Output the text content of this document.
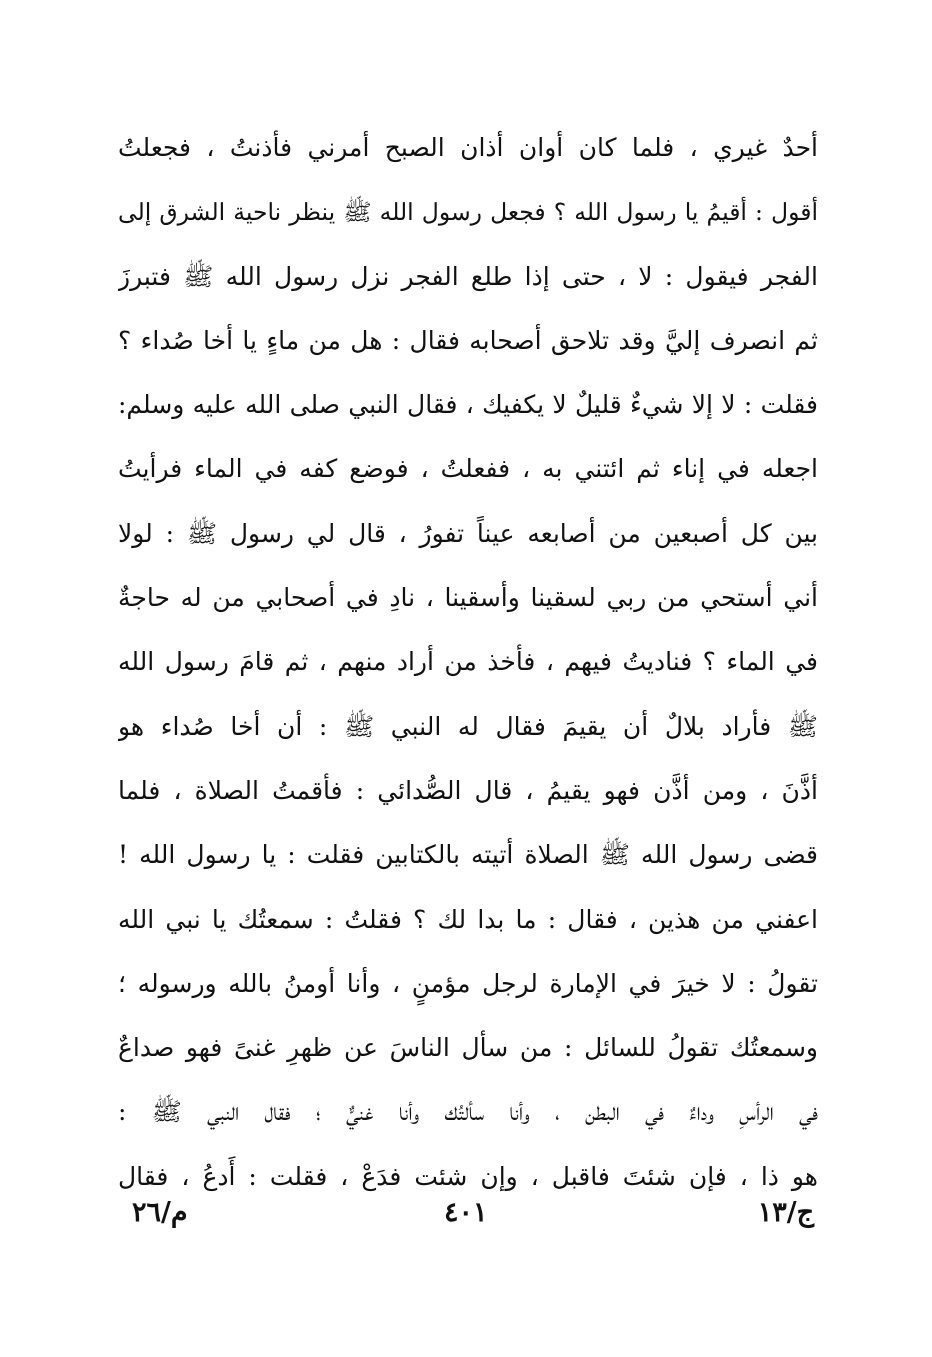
أحدٌ غيري ، فلما كان أوان أذان الصبح أمرني فأذنتُ ، فجعلتُ
أقول : أقيمُ يا رسول الله ؟ فجعل رسول الله ﷺ ينظر ناحية الشرق إلى
الفجر فيقول : لا ، حتى إذا طلع الفجر نزل رسول الله ﷺ فتبرزَ
ثم انصرف إليَّ وقد تلاحق أصحابه فقال : هل من ماءٍ يا أخا صُداء ؟
فقلت : لا إلا شيءٌ قليلٌ لا يكفيك ، فقال النبي صلى الله عليه وسلم:
اجعله في إناء ثم ائتني به ، ففعلتُ ، فوضع كفه في الماء فرأيتُ
بين كل أصبعين من أصابعه عيناً تفورُ ، قال لي رسول ﷺ : لولا
أني أستحي من ربي لسقينا وأسقينا ، نادِ في أصحابي من له حاجةٌ
في الماء ؟ فناديتُ فيهم ، فأخذ من أراد منهم ، ثم قامَ رسول الله
ﷺ فأراد بلالٌ أن يقيمَ فقال له النبي ﷺ : أن أخا صُداء هو
أذَّنَ ، ومن أذَّن فهو يقيمُ ، قال الصُّدائي : فأقمتُ الصلاة ، فلما
قضى رسول الله ﷺ الصلاة أتيته بالكتابين فقلت : يا رسول الله !
اعفني من هذين ، فقال : ما بدا لك ؟ فقلتُ : سمعتُك يا نبي الله
تقولُ : لا خيرَ في الإمارة لرجل مؤمنٍ ، وأنا أومنُ بالله ورسوله ؛
وسمعتُك تقولُ للسائل : من سأل الناسَ عن ظهرِ غنىً فهو صداعٌ
في الرأسِ وداءٌ في البطن ، وأنا سألتُك وأنا غنيٌّ ؛ فقال النبي ﷺ :
هو ذا ، فإن شئتَ فاقبل ، وإن شئت فدَعْ ، فقلت : أَدعُ ، فقال
م/٢٦	٤٠١	ج/١٣
